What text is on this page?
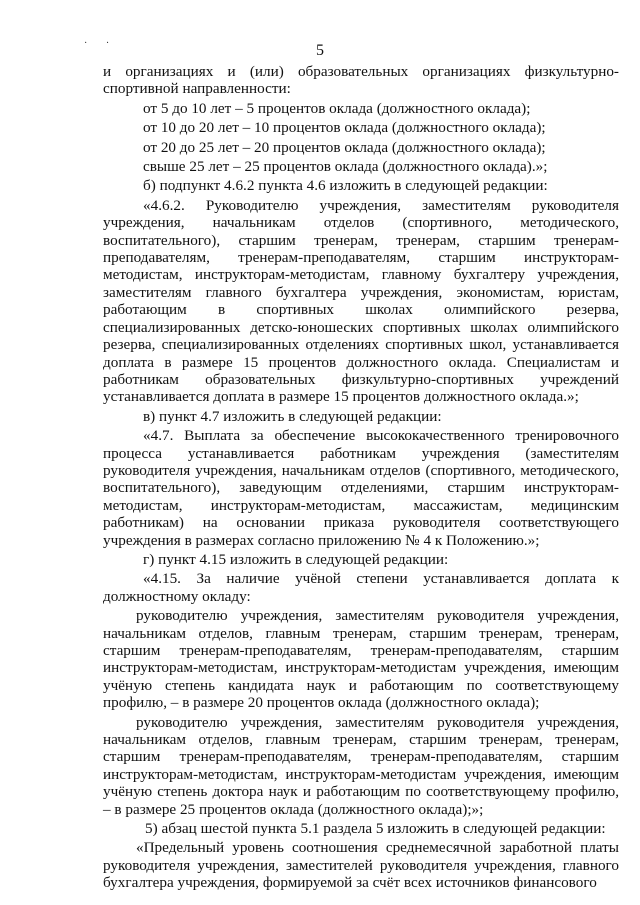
· ·	5

и организациях и (или) образовательных организациях физкультурно-спортивной направленности:

от 5 до 10 лет – 5 процентов оклада (должностного оклада);

от 10 до 20 лет – 10 процентов оклада (должностного оклада);

от 20 до 25 лет – 20 процентов оклада (должностного оклада);

свыше 25 лет – 25 процентов оклада (должностного оклада).»;

б) подпункт 4.6.2 пункта 4.6 изложить в следующей редакции:

«4.6.2. Руководителю учреждения, заместителям руководителя учреждения, начальникам отделов (спортивного, методического, воспитательного), старшим тренерам, тренерам, старшим тренерам-преподавателям, тренерам-преподавателям, старшим инструкторам-методистам, инструкторам-методистам, главному бухгалтеру учреждения, заместителям главного бухгалтера учреждения, экономистам, юристам, работающим в спортивных школах олимпийского резерва, специализированных детско-юношеских спортивных школах олимпийского резерва, специализированных отделениях спортивных школ, устанавливается доплата в размере 15 процентов должностного оклада. Специалистам и работникам образовательных физкультурно-спортивных учреждений устанавливается доплата в размере 15 процентов должностного оклада.»;

в) пункт 4.7 изложить в следующей редакции:

«4.7. Выплата за обеспечение высококачественного тренировочного процесса устанавливается работникам учреждения (заместителям руководителя учреждения, начальникам отделов (спортивного, методического, воспитательного), заведующим отделениями, старшим инструкторам-методистам, инструкторам-методистам, массажистам, медицинским работникам) на основании приказа руководителя соответствующего учреждения в размерах согласно приложению № 4 к Положению.»;

г) пункт 4.15 изложить в следующей редакции:

«4.15. За наличие учёной степени устанавливается доплата к должностному окладу:

руководителю учреждения, заместителям руководителя учреждения, начальникам отделов, главным тренерам, старшим тренерам, тренерам, старшим тренерам-преподавателям, тренерам-преподавателям, старшим инструкторам-методистам, инструкторам-методистам учреждения, имеющим учёную степень кандидата наук и работающим по соответствующему профилю, – в размере 20 процентов оклада (должностного оклада);

руководителю учреждения, заместителям руководителя учреждения, начальникам отделов, главным тренерам, старшим тренерам, тренерам, старшим тренерам-преподавателям, тренерам-преподавателям, старшим инструкторам-методистам, инструкторам-методистам учреждения, имеющим учёную степень доктора наук и работающим по соответствующему профилю, – в размере 25 процентов оклада (должностного оклада);»;

5) абзац шестой пункта 5.1 раздела 5 изложить в следующей редакции:

«Предельный уровень соотношения среднемесячной заработной платы руководителя учреждения, заместителей руководителя учреждения, главного бухгалтера учреждения, формируемой за счёт всех источников финансового
